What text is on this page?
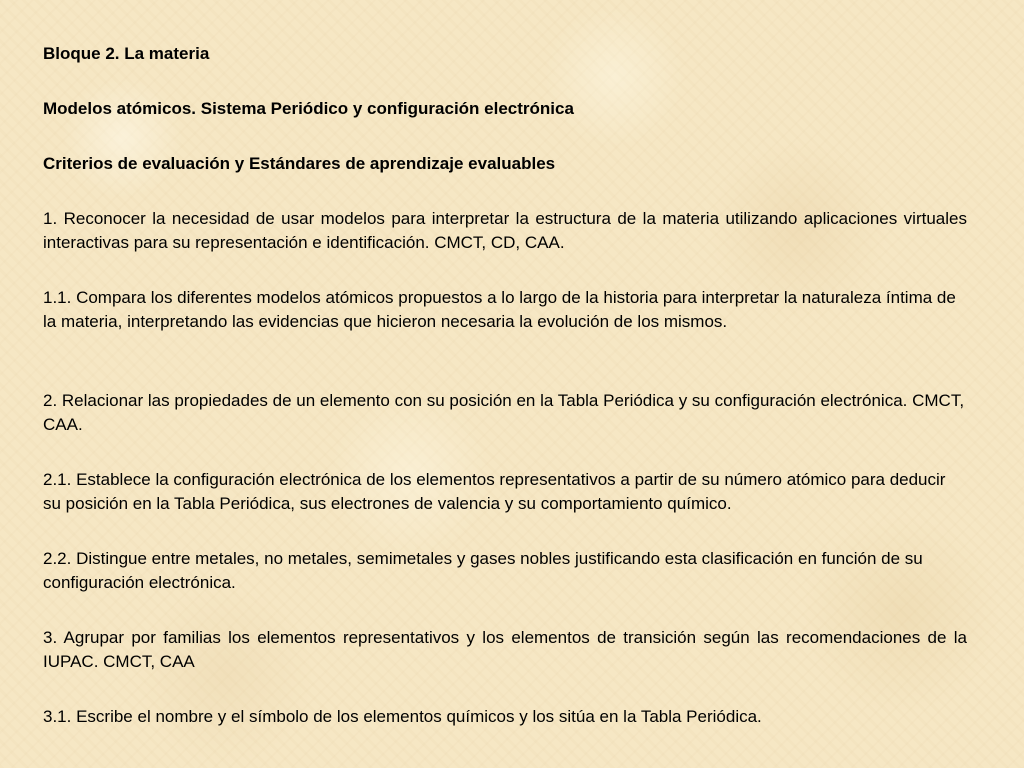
Bloque 2. La materia

Modelos atómicos. Sistema Periódico y configuración electrónica

Criterios de evaluación y Estándares de aprendizaje evaluables

1. Reconocer la necesidad de usar modelos para interpretar la estructura de la materia utilizando aplicaciones virtuales interactivas para su representación e identificación. CMCT, CD, CAA.

1.1. Compara los diferentes modelos atómicos propuestos a lo largo de la historia para interpretar la naturaleza íntima de la materia, interpretando las evidencias que hicieron necesaria la evolución de los mismos.

2. Relacionar las propiedades de un elemento con su posición en la Tabla Periódica y su configuración electrónica. CMCT, CAA.

2.1. Establece la configuración electrónica de los elementos representativos a partir de su número atómico para deducir su posición en la Tabla Periódica, sus electrones de valencia y su comportamiento químico.

2.2. Distingue entre metales, no metales, semimetales y gases nobles justificando esta clasificación en función de su configuración electrónica.

3. Agrupar por familias los elementos representativos y los elementos de transición según las recomendaciones de la IUPAC. CMCT, CAA

3.1. Escribe el nombre y el símbolo de los elementos químicos y los sitúa en la Tabla Periódica.
